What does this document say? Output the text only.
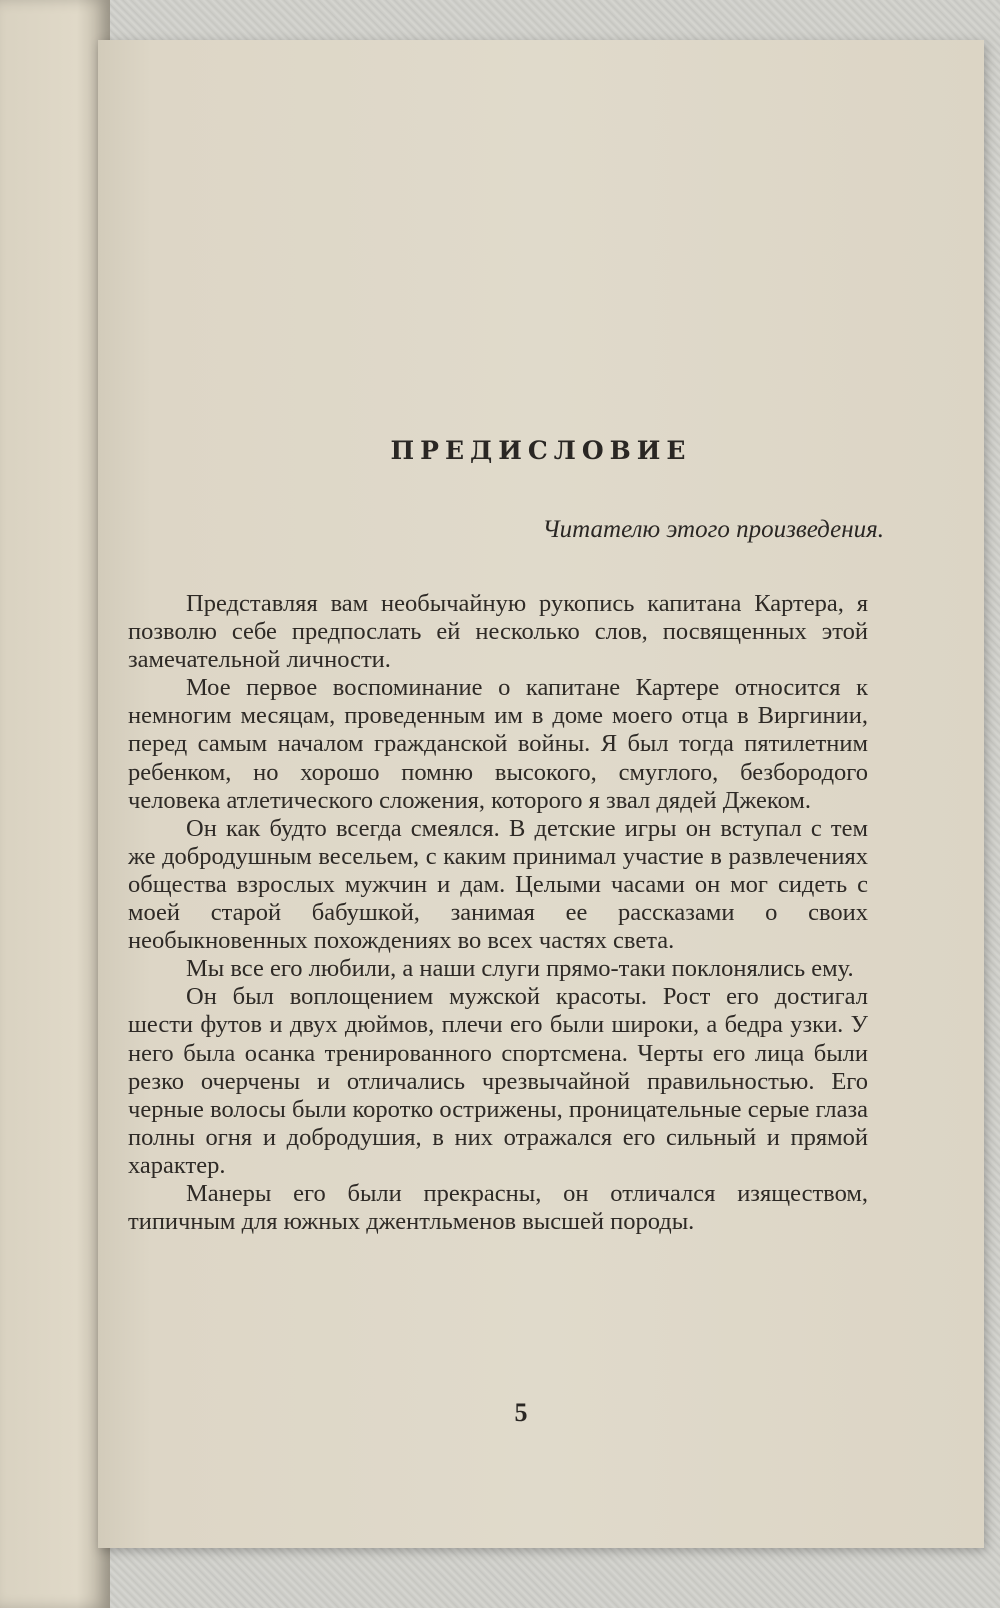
ПРЕДИСЛОВИЕ

Читателю этого произведения.

Представляя вам необычайную рукопись капитана Картера, я позволю себе предпослать ей несколько слов, посвященных этой замечательной личности.

Мое первое воспоминание о капитане Картере относится к немногим месяцам, проведенным им в доме моего отца в Виргинии, перед самым началом гражданской войны. Я был тогда пятилетним ребенком, но хорошо помню высокого, смуглого, безбородого человека атлетического сложения, которого я звал дядей Джеком.

Он как будто всегда смеялся. В детские игры он вступал с тем же добродушным весельем, с каким принимал участие в развлечениях общества взрослых мужчин и дам. Целыми часами он мог сидеть с моей старой бабушкой, занимая ее рассказами о своих необыкновенных похождениях во всех частях света.

Мы все его любили, а наши слуги прямо-таки поклонялись ему.

Он был воплощением мужской красоты. Рост его достигал шести футов и двух дюймов, плечи его были широки, а бедра узки. У него была осанка тренированного спортсмена. Черты его лица были резко очерчены и отличались чрезвычайной правильностью. Его черные волосы были коротко острижены, проницательные серые глаза полны огня и добродушия, в них отражался его сильный и прямой характер.

Манеры его были прекрасны, он отличался изяществом, типичным для южных джентльменов высшей породы.

5
